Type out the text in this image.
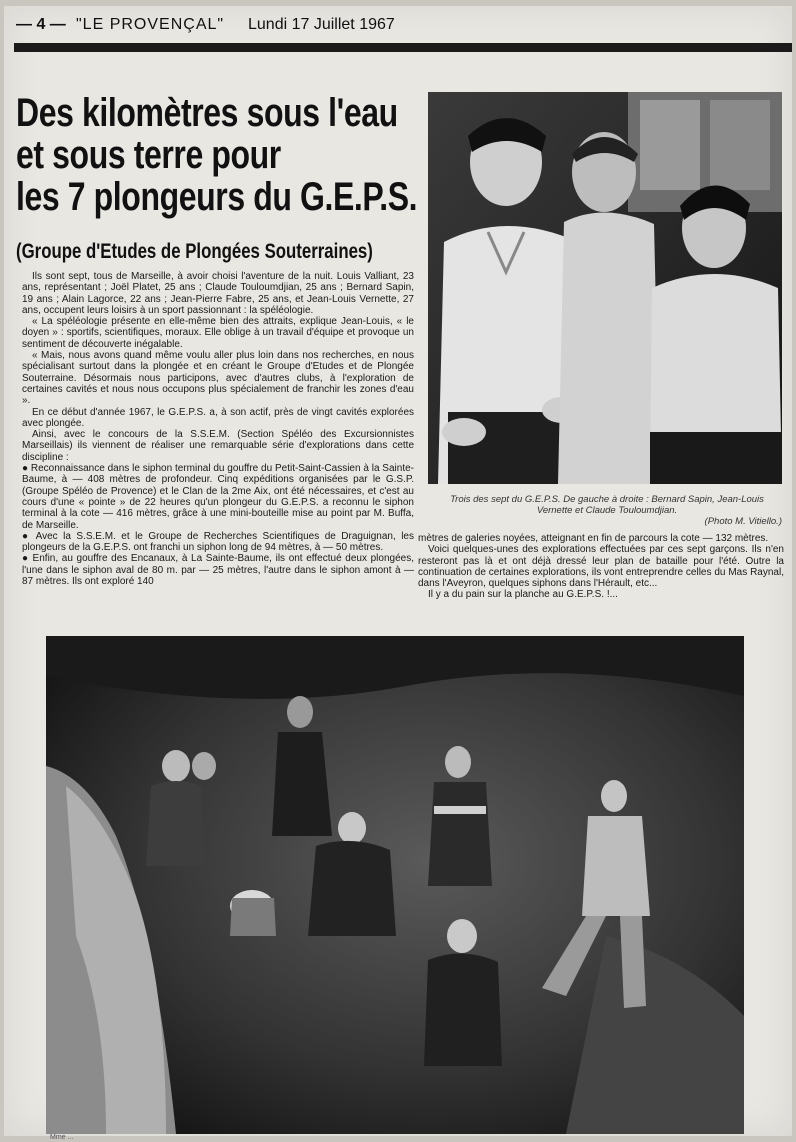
— 4 — "LE PROVENÇAL" Lundi 17 Juillet 1967
Des kilomètres sous l'eau
et sous terre pour
les 7 plongeurs du G.E.P.S.
(Groupe d'Etudes de Plongées Souterraines)

Ils sont sept, tous de Marseille, à avoir choisi l'aventure de la nuit. Louis Valliant, 23 ans, représentant ; Joël Platet, 25 ans ; Claude Touloumdjian, 25 ans ; Bernard Sapin, 19 ans ; Alain Lagorce, 22 ans ; Jean-Pierre Fabre, 25 ans, et Jean-Louis Vernette, 27 ans, occupent leurs loisirs à un sport passionnant : la spéléologie.

« La spéléologie présente en elle-même bien des attraits, explique Jean-Louis, « le doyen » : sportifs, scientifiques, moraux. Elle oblige à un travail d'équipe et provoque un sentiment de découverte inégalable.

« Mais, nous avons quand même voulu aller plus loin dans nos recherches, en nous spécialisant surtout dans la plongée et en créant le Groupe d'Etudes et de Plongée Souterraine. Désormais nous participons, avec d'autres clubs, à l'exploration de certaines cavités et nous nous occupons plus spécialement de franchir les zones d'eau ».

En ce début d'année 1967, le G.E.P.S. a, à son actif, près de vingt cavités explorées avec plongée.

Ainsi, avec le concours de la S.S.E.M. (Section Spéléo des Excursionnistes Marseillais) ils viennent de réaliser une remarquable série d'explorations dans cette discipline :

● Reconnaissance dans le siphon terminal du gouffre du Petit-Saint-Cassien à la Sainte-Baume, à — 408 mètres de profondeur. Cinq expéditions organisées par le G.S.P. (Groupe Spéléo de Provence) et le Clan de la 2me Aix, ont été nécessaires, et c'est au cours d'une « pointe » de 22 heures qu'un plongeur du G.E.P.S. a reconnu le siphon terminal à la cote — 416 mètres, grâce à une mini-bouteille mise au point par M. Buffa, de Marseille.

● Avec la S.S.E.M. et le Groupe de Recherches Scientifiques de Draguignan, les plongeurs de la G.E.P.S. ont franchi un siphon long de 94 mètres, à — 50 mètres.

● Enfin, au gouffre des Encanaux, à La Sainte-Baume, ils ont effectué deux plongées, l'une dans le siphon aval de 80 m. par — 25 mètres, l'autre dans le siphon amont à — 87 mètres. Ils ont exploré 140

Trois des sept du G.E.P.S. De gauche à droite : Bernard Sapin, Jean-Louis Vernette et Claude Touloumdjian.
(Photo M. Vitiello.)

mètres de galeries noyées, atteignant en fin de parcours la cote — 132 mètres.

Voici quelques-unes des explorations effectuées par ces sept garçons. Ils n'en resteront pas là et ont déjà dressé leur plan de bataille pour l'été. Outre la continuation de certaines explorations, ils vont entreprendre celles du Mas Raynal, dans l'Aveyron, quelques siphons dans l'Hérault, etc...

Il y a du pain sur la planche au G.E.P.S. !...

Mme ...
